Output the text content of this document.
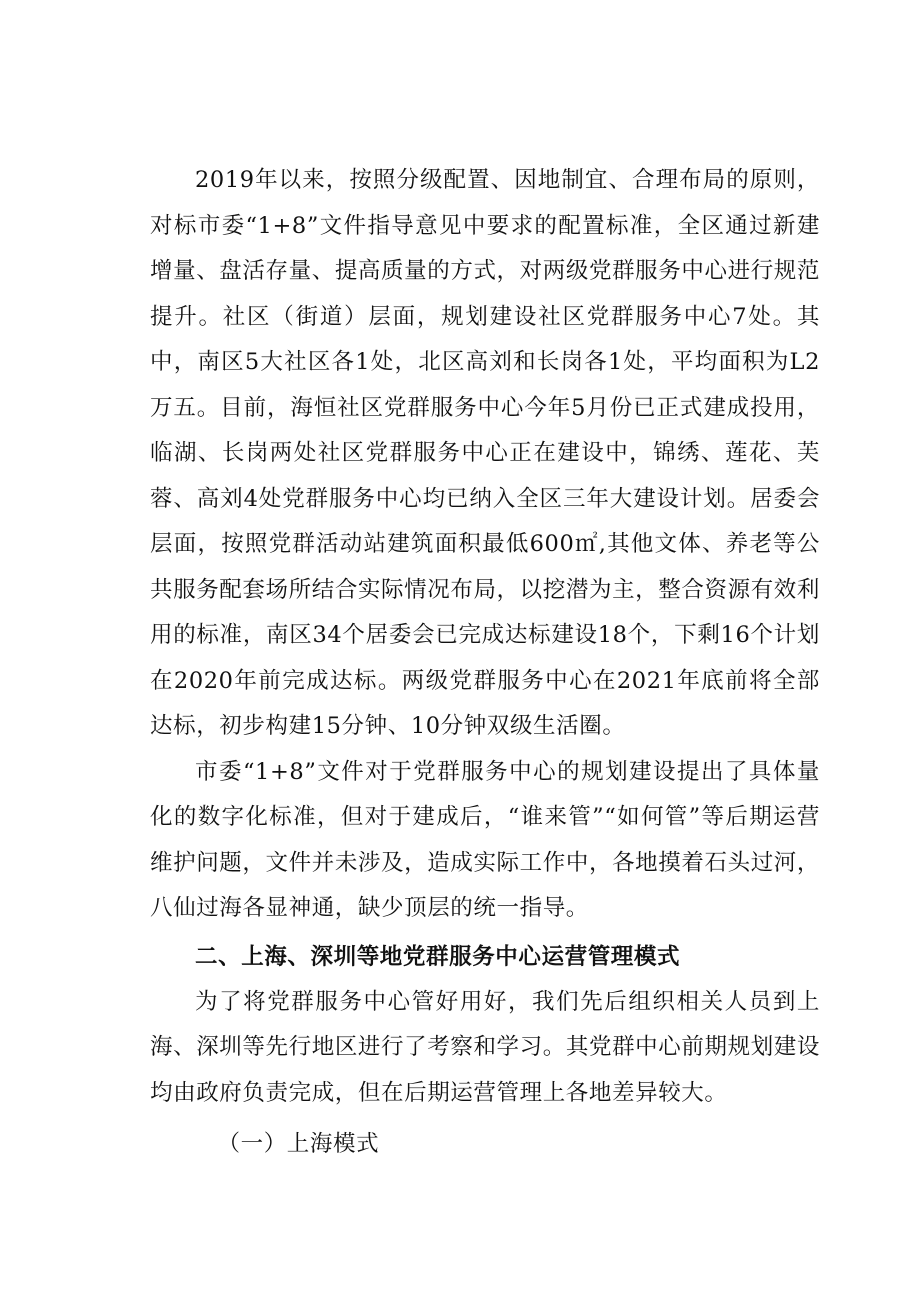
2019年以来，按照分级配置、因地制宜、合理布局的原则，对标市委“1+8”文件指导意见中要求的配置标准，全区通过新建增量、盘活存量、提高质量的方式，对两级党群服务中心进行规范提升。社区（街道）层面，规划建设社区党群服务中心7处。其中，南区5大社区各1处，北区高刘和长岗各1处，平均面积为L2万五。目前，海恒社区党群服务中心今年5月份已正式建成投用，临湖、长岗两处社区党群服务中心正在建设中，锦绣、莲花、芙蓉、高刘4处党群服务中心均已纳入全区三年大建设计划。居委会层面，按照党群活动站建筑面积最低600㎡,其他文体、养老等公共服务配套场所结合实际情况布局，以挖潜为主，整合资源有效利用的标准，南区34个居委会已完成达标建设18个，下剩16个计划在2020年前完成达标。两级党群服务中心在2021年底前将全部达标，初步构建15分钟、10分钟双级生活圈。

市委“1+8”文件对于党群服务中心的规划建设提出了具体量化的数字化标准，但对于建成后，“谁来管”“如何管”等后期运营维护问题，文件并未涉及，造成实际工作中，各地摸着石头过河，八仙过海各显神通，缺少顶层的统一指导。

二、上海、深圳等地党群服务中心运营管理模式

为了将党群服务中心管好用好，我们先后组织相关人员到上海、深圳等先行地区进行了考察和学习。其党群中心前期规划建设均由政府负责完成，但在后期运营管理上各地差异较大。

（一）上海模式
